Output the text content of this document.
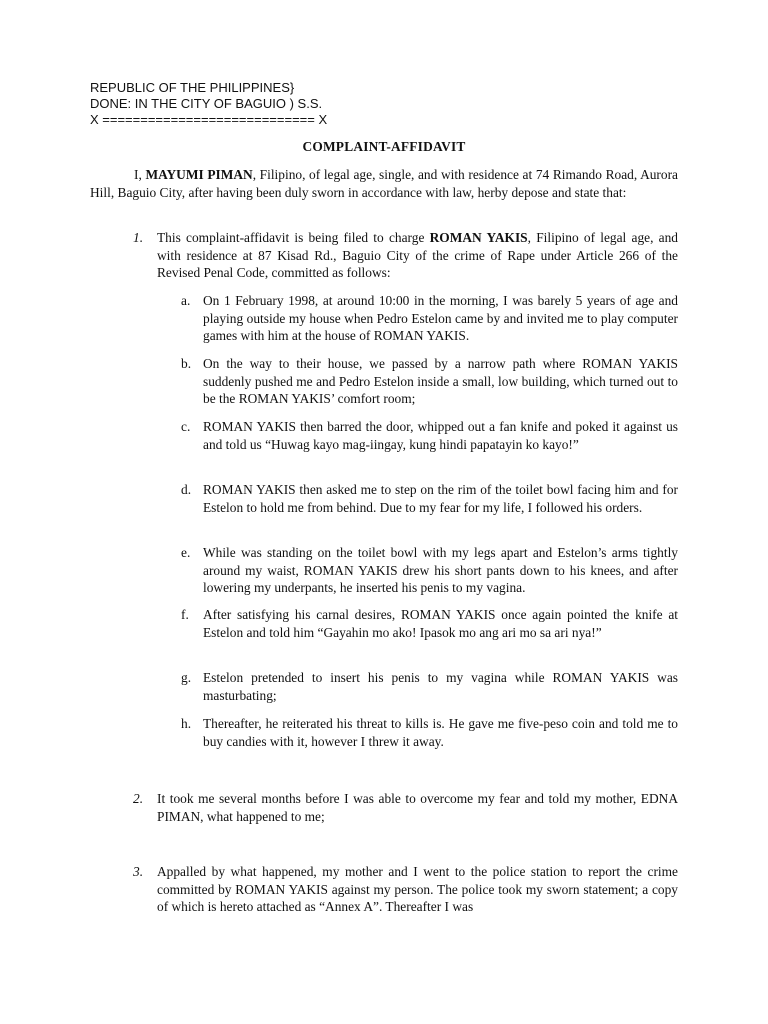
REPUBLIC OF THE PHILIPPINES}
DONE: IN THE CITY OF BAGUIO ) S.S.
X ============================ X
COMPLAINT-AFFIDAVIT
I, MAYUMI PIMAN, Filipino, of legal age, single, and with residence at 74 Rimando Road, Aurora Hill, Baguio City, after having been duly sworn in accordance with law, herby depose and state that:
1. This complaint-affidavit is being filed to charge ROMAN YAKIS, Filipino of legal age, and with residence at 87 Kisad Rd., Baguio City of the crime of Rape under Article 266 of the Revised Penal Code, committed as follows:
a. On 1 February 1998, at around 10:00 in the morning, I was barely 5 years of age and playing outside my house when Pedro Estelon came by and invited me to play computer games with him at the house of ROMAN YAKIS.
b. On the way to their house, we passed by a narrow path where ROMAN YAKIS suddenly pushed me and Pedro Estelon inside a small, low building, which turned out to be the ROMAN YAKIS’ comfort room;
c. ROMAN YAKIS then barred the door, whipped out a fan knife and poked it against us and told us “Huwag kayo mag-iingay, kung hindi papatayin ko kayo!”
d. ROMAN YAKIS then asked me to step on the rim of the toilet bowl facing him and for Estelon to hold me from behind. Due to my fear for my life, I followed his orders.
e. While was standing on the toilet bowl with my legs apart and Estelon’s arms tightly around my waist, ROMAN YAKIS drew his short pants down to his knees, and after lowering my underpants, he inserted his penis to my vagina.
f. After satisfying his carnal desires, ROMAN YAKIS once again pointed the knife at Estelon and told him “Gayahin mo ako! Ipasok mo ang ari mo sa ari nya!”
g. Estelon pretended to insert his penis to my vagina while ROMAN YAKIS was masturbating;
h. Thereafter, he reiterated his threat to kills is. He gave me five-peso coin and told me to buy candies with it, however I threw it away.
2. It took me several months before I was able to overcome my fear and told my mother, EDNA PIMAN, what happened to me;
3. Appalled by what happened, my mother and I went to the police station to report the crime committed by ROMAN YAKIS against my person. The police took my sworn statement; a copy of which is hereto attached as “Annex A”. Thereafter I was
